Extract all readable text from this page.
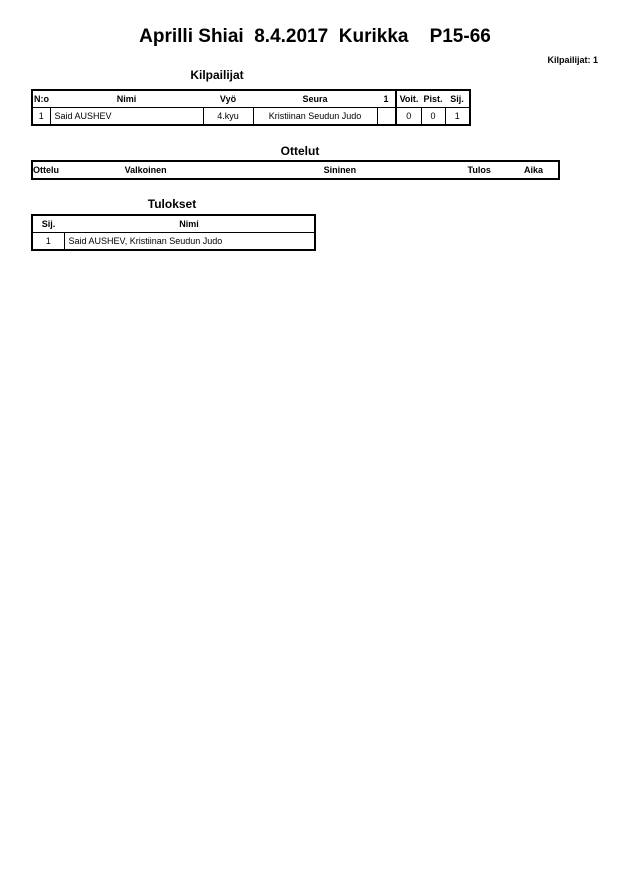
Aprilli Shiai  8.4.2017  Kurikka    P15-66
Kilpailijat: 1
Kilpailijat
N:o	Nimi	Vyö	Seura	1	Voit.	Pist.	Sij.
1	Said AUSHEV	4.kyu	Kristiinan Seudun Judo		0	0	1
Ottelut
Ottelu	Valkoinen	Sininen	Tulos	Aika
Tulokset
Sij.	Nimi
1	Said AUSHEV, Kristiinan Seudun Judo
